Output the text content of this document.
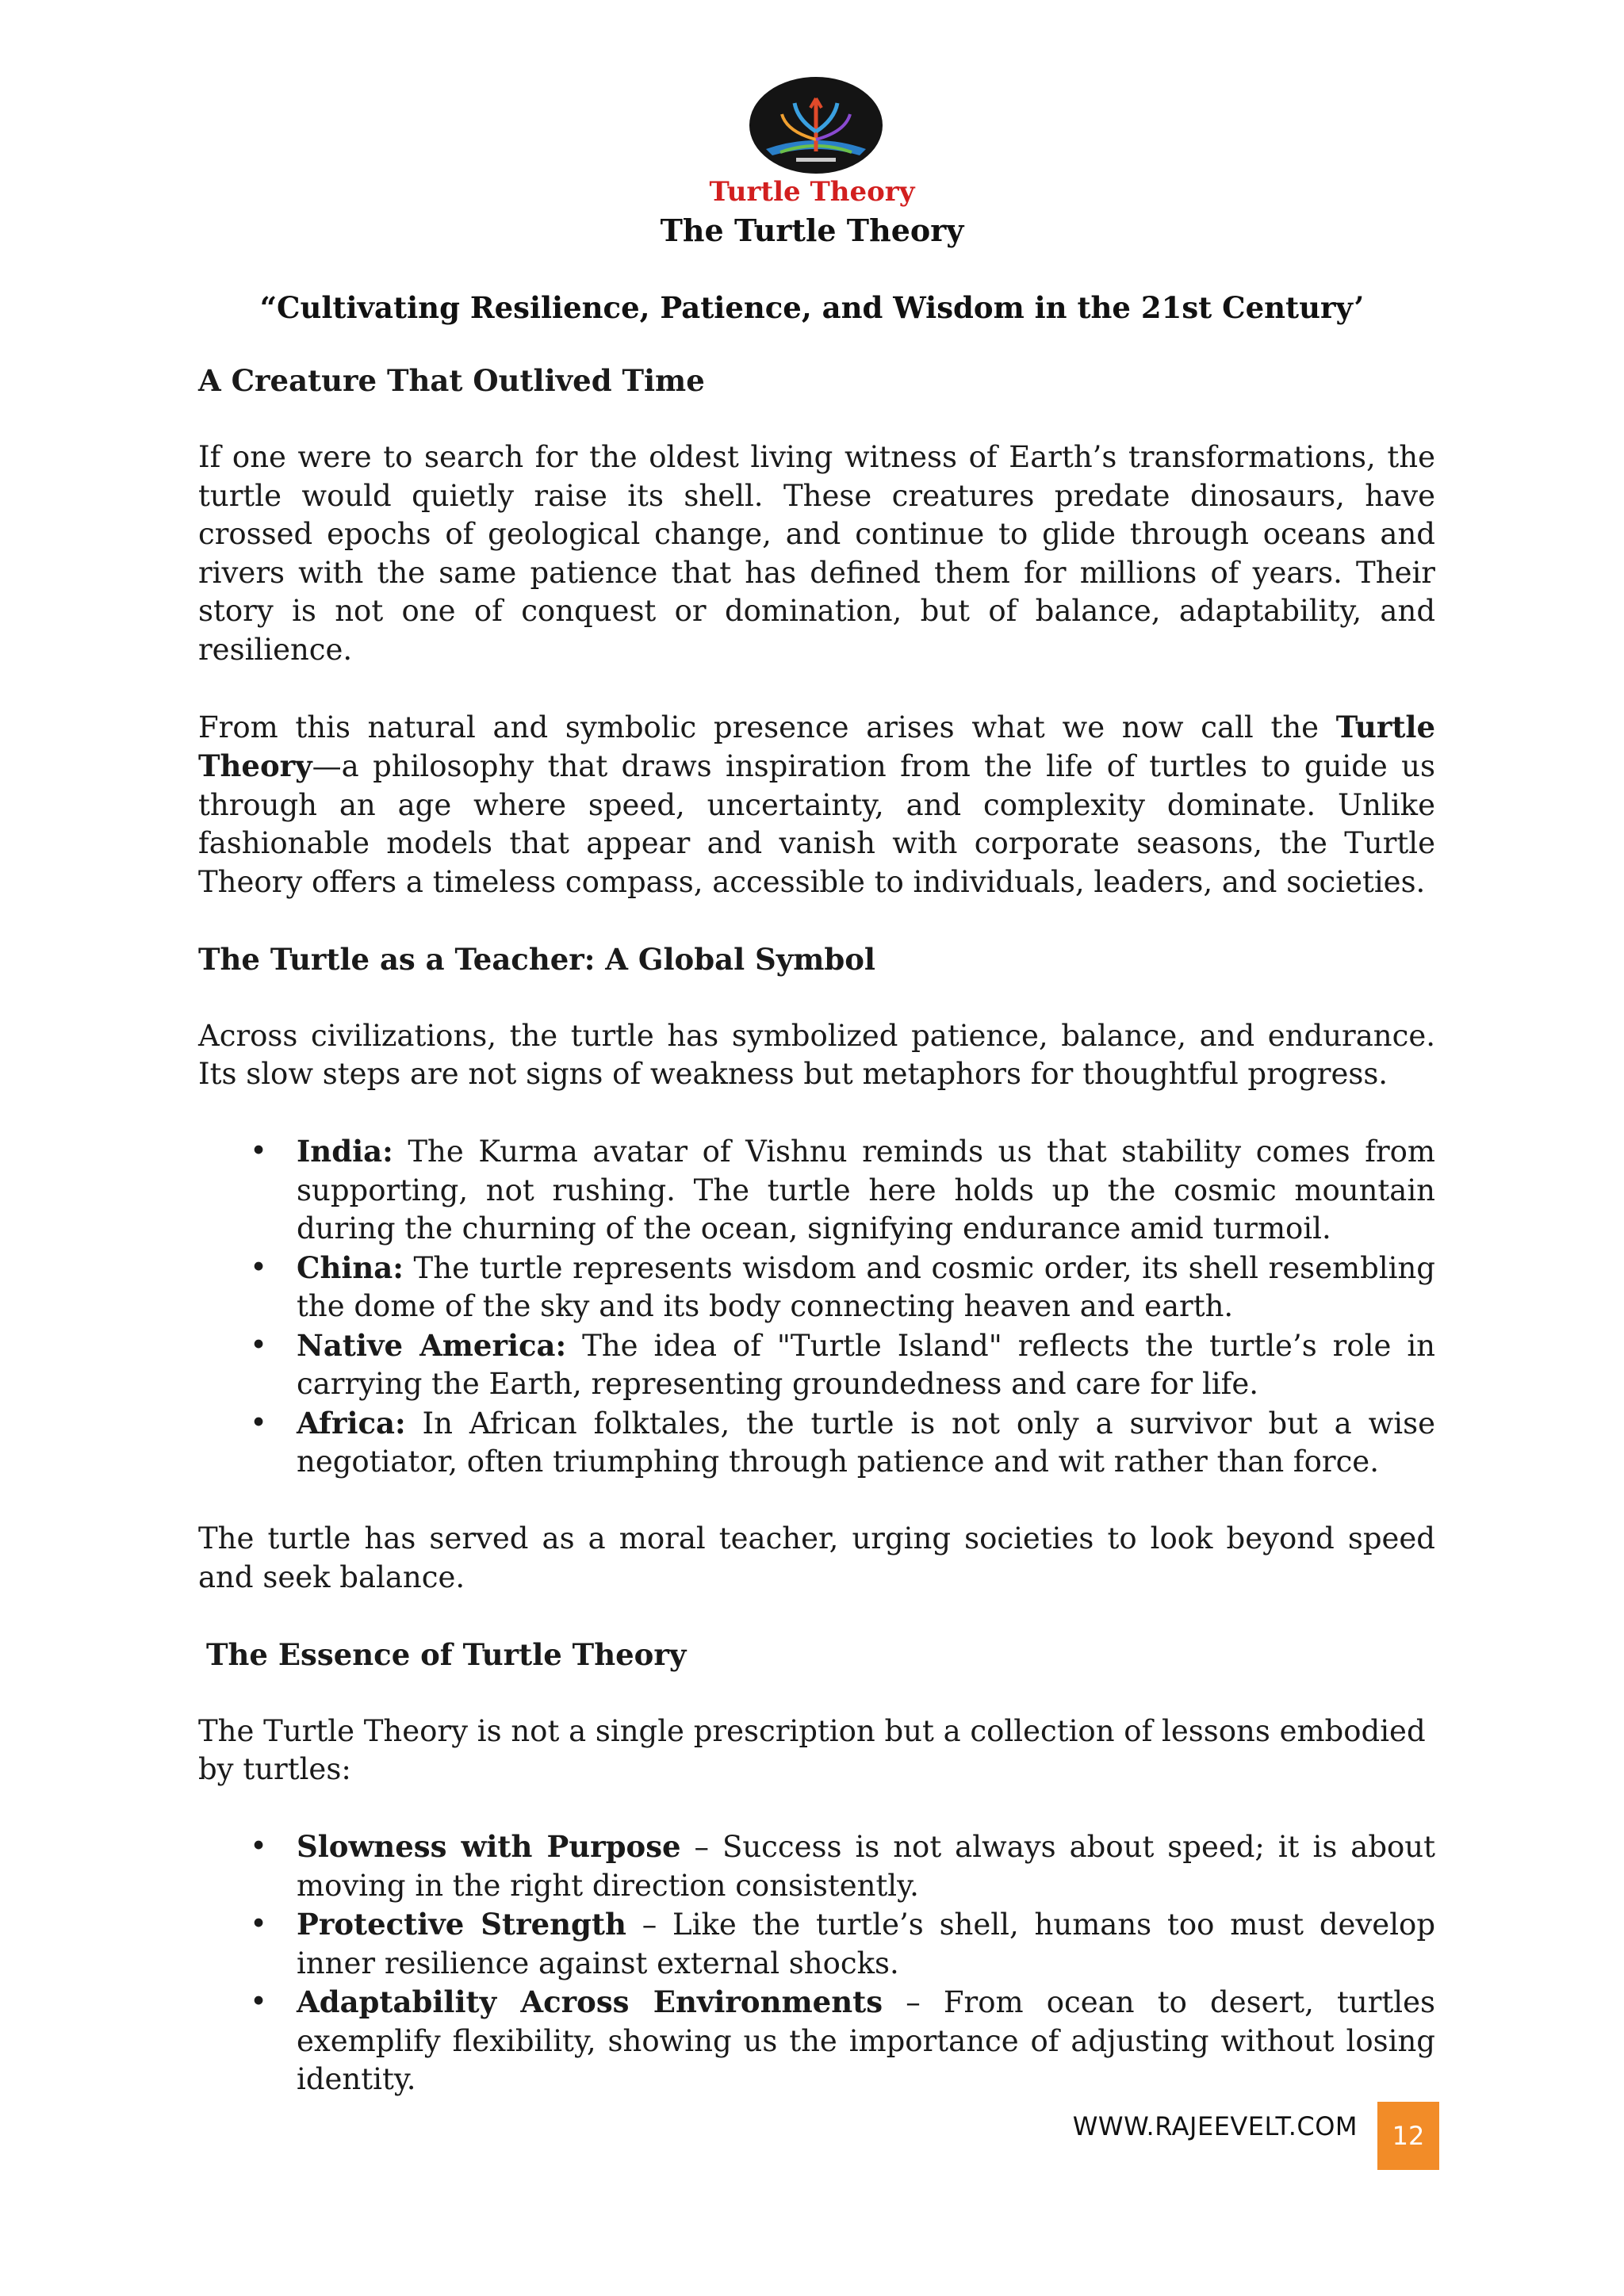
Turtle Theory
The Turtle Theory
“Cultivating Resilience, Patience, and Wisdom in the 21st Century’
A Creature That Outlived Time

If one were to search for the oldest living witness of Earth’s transformations, the turtle would quietly raise its shell. These creatures predate dinosaurs, have crossed epochs of geological change, and continue to glide through oceans and rivers with the same patience that has defined them for millions of years. Their story is not one of conquest or domination, but of balance, adaptability, and resilience.

From this natural and symbolic presence arises what we now call the Turtle Theory—a philosophy that draws inspiration from the life of turtles to guide us through an age where speed, uncertainty, and complexity dominate. Unlike fashionable models that appear and vanish with corporate seasons, the Turtle Theory offers a timeless compass, accessible to individuals, leaders, and societies.

The Turtle as a Teacher: A Global Symbol

Across civilizations, the turtle has symbolized patience, balance, and endurance. Its slow steps are not signs of weakness but metaphors for thoughtful progress.

• India: The Kurma avatar of Vishnu reminds us that stability comes from supporting, not rushing. The turtle here holds up the cosmic mountain during the churning of the ocean, signifying endurance amid turmoil.
• China: The turtle represents wisdom and cosmic order, its shell resembling the dome of the sky and its body connecting heaven and earth.
• Native America: The idea of "Turtle Island" reflects the turtle’s role in carrying the Earth, representing groundedness and care for life.
• Africa: In African folktales, the turtle is not only a survivor but a wise negotiator, often triumphing through patience and wit rather than force.

The turtle has served as a moral teacher, urging societies to look beyond speed and seek balance.

The Essence of Turtle Theory

The Turtle Theory is not a single prescription but a collection of lessons embodied by turtles:

• Slowness with Purpose – Success is not always about speed; it is about moving in the right direction consistently.
• Protective Strength – Like the turtle’s shell, humans too must develop inner resilience against external shocks.
• Adaptability Across Environments – From ocean to desert, turtles exemplify flexibility, showing us the importance of adjusting without losing identity.
WWW.RAJEEVELT.COM	12
